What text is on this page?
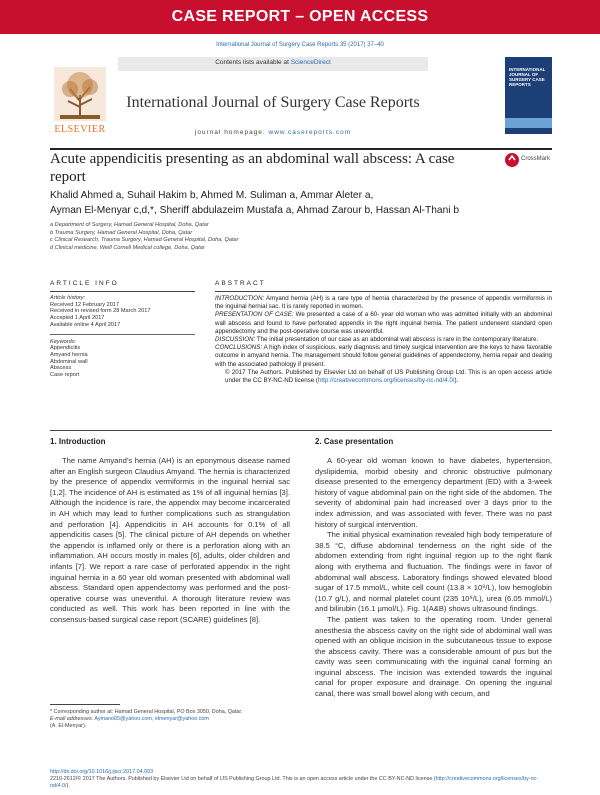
CASE REPORT – OPEN ACCESS
International Journal of Surgery Case Reports 35 (2017) 37–40
Contents lists available at ScienceDirect
International Journal of Surgery Case Reports
journal homepage: www.casereports.com
ELSEVIER
INTERNATIONAL JOURNAL OF SURGERY CASE REPORTS
Acute appendicitis presenting as an abdominal wall abscess: A case report
CrossMark
Khalid Ahmed a, Suhail Hakim b, Ahmed M. Suliman a, Ammar Aleter a,
Ayman El-Menyar c,d,*, Sheriff abdulazeim Mustafa a, Ahmad Zarour b, Hassan Al-Thani b
a Department of Surgery, Hamad General Hospital, Doha, Qatar
b Trauma Surgery, Hamad General Hospital, Doha, Qatar
c Clinical Research, Trauma Surgery, Hamad General Hospital, Doha, Qatar
d Clinical medicine, Weill Cornell Medical college, Doha, Qatar
ARTICLE INFO	ABSTRACT
Article history:
Received 12 February 2017
Received in revised form 28 March 2017
Accepted 1 April 2017
Available online 4 April 2017
Keywords:
Appendicitis
Amyand hernia
Abdominal wall
Abscess
Case report
INTRODUCTION: Amyand hernia (AH) is a rare type of hernia characterized by the presence of appendix vermiformis in the inguinal hernial sac. It is rarely reported in women.
PRESENTATION OF CASE: We presented a case of a 60- year old woman who was admitted initially with an abdominal wall abscess and found to have perforated appendix in the right inguinal hernia. The patient underwent standard open appendectomy and the post-operative course was uneventful.
DISCUSSION: The initial presentation of our case as an abdominal wall abscess is rare in the contemporary literature.
CONCLUSIONS: A high index of suspicious, early diagnosis and timely surgical intervention are the keys to have favorable outcome in amyand hernia. The management should follow general guidelines of appendectomy, hernia repair and dealing with the associated pathology if present.
© 2017 The Authors. Published by Elsevier Ltd on behalf of IJS Publishing Group Ltd. This is an open access article under the CC BY-NC-ND license (http://creativecommons.org/licenses/by-nc-nd/4.0/).
1. Introduction

The name Amyand’s hernia (AH) is an eponymous disease named after an English surgeon Claudius Amyand. The hernia is characterized by the presence of appendix vermiformis in the inguinal hernial sac [1,2]. The incidence of AH is estimated as 1% of all inguinal hernias [3]. Although the incidence is rare, the appendix may become incarcerated in AH which may lead to further complications such as strangulation and perforation [4]. Appendicitis in AH accounts for 0.1% of all appendicitis cases [5]. The clinical picture of AH depends on whether the appendix is inflamed only or there is a perforation along with an inflammation. AH occurs mostly in males [6], adults, older children and infants [7]. We report a rare case of perforated appendix in the right inguinal hernia in a 60 year old woman presented with abdominal wall abscess. Standard open appendectomy was performed and the post-operative course was uneventful. A thorough literature review was conducted as well. This work has been reported in line with the consensus-based surgical case report (SCARE) guidelines [8].

2. Case presentation

A 60-year old woman known to have diabetes, hypertension, dyslipidemia, morbid obesity and chronic obstructive pulmonary disease presented to the emergency department (ED) with a 3-week history of vague abdominal pain on the right side of the abdomen. The severity of abdominal pain had increased over 3 days prior to the index admission, and was associated with fever. There was no past history of surgical intervention.

The initial physical examination revealed high body temperature of 38.5 °C, diffuse abdominal tenderness on the right side of the abdomen extending from right inguinal region up to the right flank along with erythema and fluctuation. The findings were in favor of abdominal wall abscess. Laboratory findings showed elevated blood sugar of 17.5 mmol/L, white cell count (13.8 × 10⁹/L), low hemoglobin (10.7 g/L), and normal platelet count (235 10⁹/L), urea (6.05 mmol/L) and bilirubin (16.1 µmol/L). Fig. 1(A&B) shows ultrasound findings.

The patient was taken to the operating room. Under general anesthesia the abscess cavity on the right side of abdominal wall was opened with an oblique incision in the subcutaneous tissue to expose the abscess cavity. There was a considerable amount of pus but the cavity was seen communicating with the inguinal canal forming an inguinal abscess. The incision was extended towards the inguinal canal for proper exposure and drainage. On opening the inguinal canal, there was small bowel along with cecum, and

* Corresponding author at: Hamad General Hospital, PO Box 3050, Doha, Qatar.
E-mail addresses: Aymano65@yahoo.com, elmenyar@yahoo.com
(A. El-Menyar).
http://dx.doi.org/10.1016/j.ijscr.2017.04.003
2210-2612/© 2017 The Authors. Published by Elsevier Ltd on behalf of IJS Publishing Group Ltd. This is an open access article under the CC BY-NC-ND license (http://creativecommons.org/licenses/by-nc-nd/4.0/).
